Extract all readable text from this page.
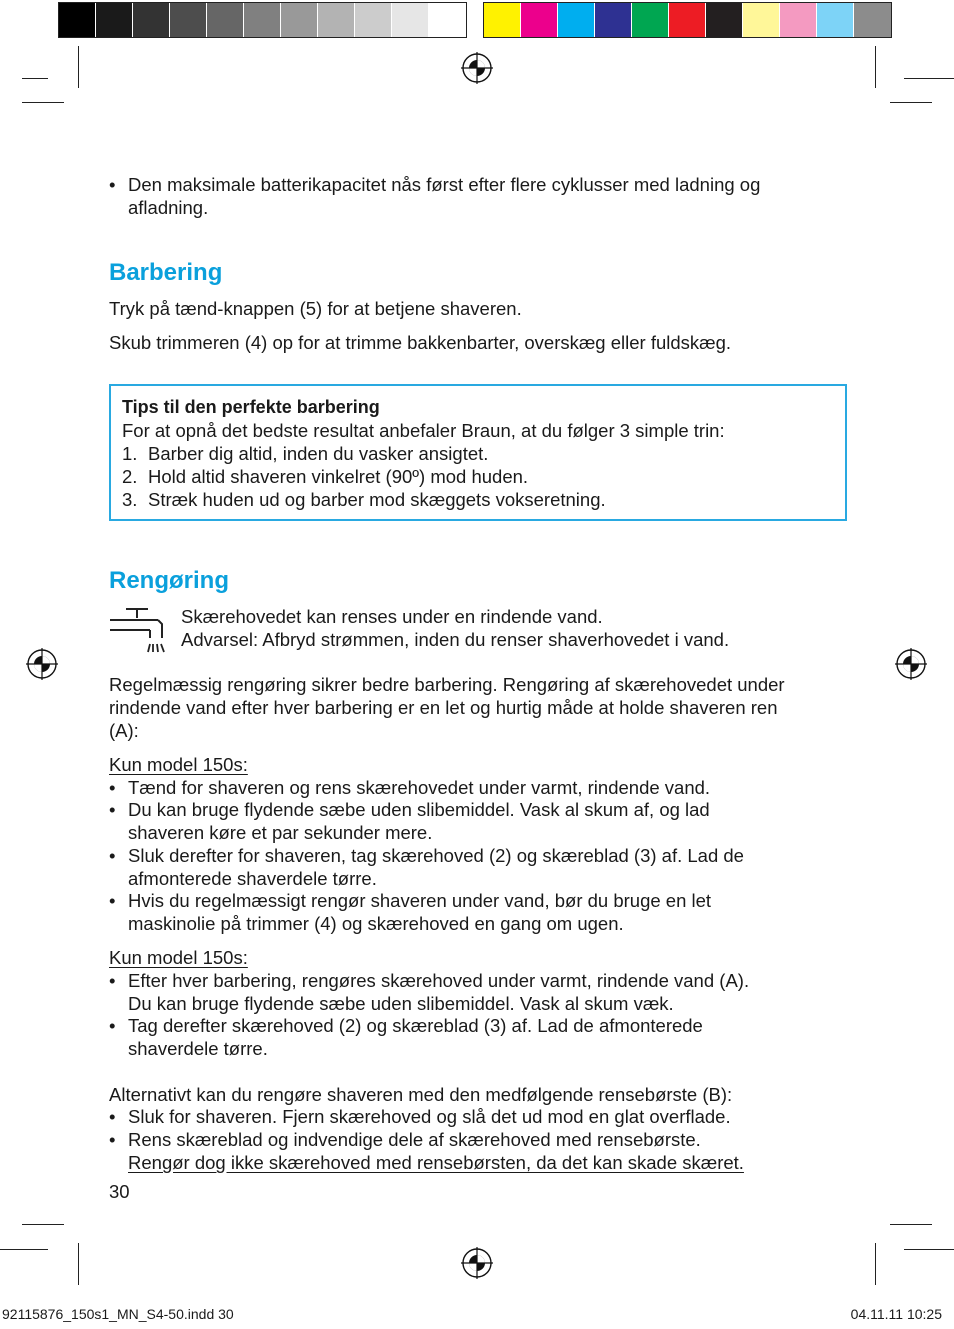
• Den maksimale batterikapacitet nås først efter flere cyklusser med ladning og
afladning.
Barbering
Tryk på tænd-knappen (5) for at betjene shaveren.
Skub trimmeren (4) op for at trimme bakkenbarter, overskæg eller fuldskæg.
Tips til den perfekte barbering
For at opnå det bedste resultat anbefaler Braun, at du følger 3 simple trin:
1. Barber dig altid, inden du vasker ansigtet.
2. Hold altid shaveren vinkelret (90º) mod huden.
3. Stræk huden ud og barber mod skæggets vokseretning.
Rengøring
Skærehovedet kan renses under en rindende vand.
Advarsel: Afbryd strømmen, inden du renser shaverhovedet i vand.
Regelmæssig rengøring sikrer bedre barbering. Rengøring af skærehovedet under
rindende vand efter hver barbering er en let og hurtig måde at holde shaveren ren
(A):
Kun model 150s:
• Tænd for shaveren og rens skærehovedet under varmt, rindende vand.
• Du kan bruge flydende sæbe uden slibemiddel. Vask al skum af, og lad
shaveren køre et par sekunder mere.
• Sluk derefter for shaveren, tag skærehoved (2) og skæreblad (3) af. Lad de
afmonterede shaverdele tørre.
• Hvis du regelmæssigt rengør shaveren under vand, bør du bruge en let
maskinolie på trimmer (4) og skærehoved en gang om ugen.
Kun model 150s:
• Efter hver barbering, rengøres skærehoved under varmt, rindende vand (A).
Du kan bruge flydende sæbe uden slibemiddel. Vask al skum væk.
• Tag derefter skærehoved (2) og skæreblad (3) af. Lad de afmonterede
shaverdele tørre.
Alternativt kan du rengøre shaveren med den medfølgende rensebørste (B):
• Sluk for shaveren. Fjern skærehoved og slå det ud mod en glat overflade.
• Rens skæreblad og indvendige dele af skærehoved med rensebørste.
Rengør dog ikke skærehoved med rensebørsten, da det kan skade skæret.
30
92115876_150s1_MN_S4-50.indd 30	04.11.11 10:25
